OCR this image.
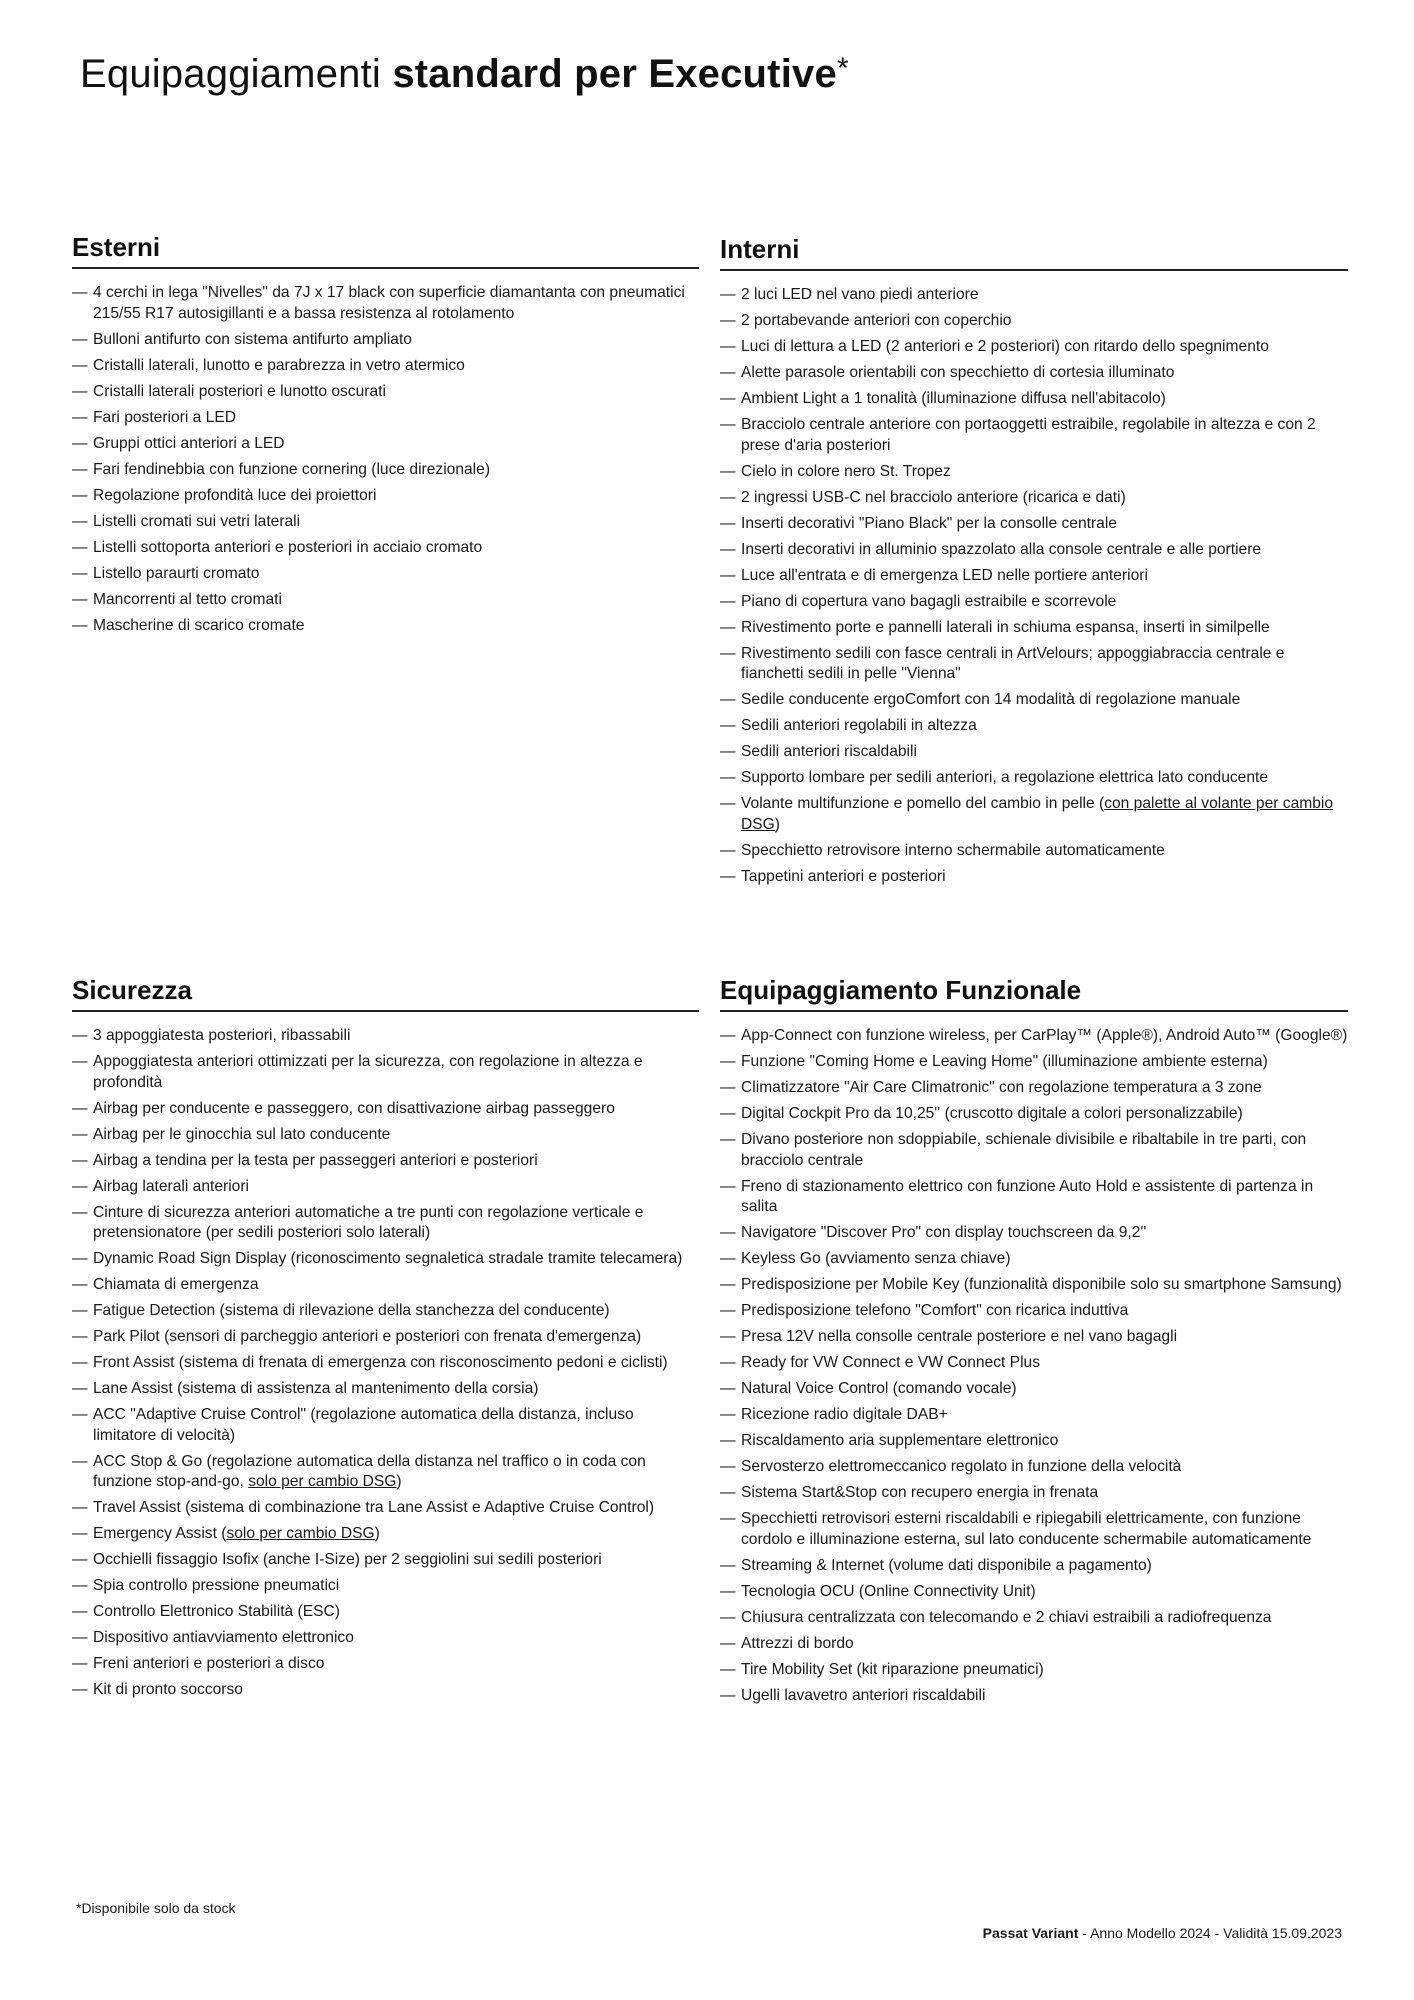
Equipaggiamenti standard per Executive*
Esterni
— 4 cerchi in lega "Nivelles" da 7J x 17 black con superficie diamantanta con pneumatici 215/55 R17 autosigillanti e a bassa resistenza al rotolamento
— Bulloni antifurto con sistema antifurto ampliato
— Cristalli laterali, lunotto e parabrezza in vetro atermico
— Cristalli laterali posteriori e lunotto oscurati
— Fari posteriori a LED
— Gruppi ottici anteriori a LED
— Fari fendinebbia con funzione cornering (luce direzionale)
— Regolazione profondità luce dei proiettori
— Listelli cromati sui vetri laterali
— Listelli sottoporta anteriori e posteriori in acciaio cromato
— Listello paraurti cromato
— Mancorrenti al tetto cromati
— Mascherine di scarico cromate
Interni
— 2 luci LED nel vano piedi anteriore
— 2 portabevande anteriori con coperchio
— Luci di lettura a LED (2 anteriori e 2 posteriori) con ritardo dello spegnimento
— Alette parasole orientabili con specchietto di cortesia illuminato
— Ambient Light a 1 tonalità (illuminazione diffusa nell'abitacolo)
— Bracciolo centrale anteriore con portaoggetti estraibile, regolabile in altezza e con 2 prese d'aria posteriori
— Cielo in colore nero St. Tropez
— 2 ingressi USB-C nel bracciolo anteriore (ricarica e dati)
— Inserti decorativi "Piano Black" per la consolle centrale
— Inserti decorativi in alluminio spazzolato alla console centrale e alle portiere
— Luce all'entrata e di emergenza LED nelle portiere anteriori
— Piano di copertura vano bagagli estraibile e scorrevole
— Rivestimento porte e pannelli laterali in schiuma espansa, inserti in similpelle
— Rivestimento sedili con fasce centrali in ArtVelours; appoggiabraccia centrale e fianchetti sedili in pelle "Vienna"
— Sedile conducente ergoComfort con 14 modalità di regolazione manuale
— Sedili anteriori regolabili in altezza
— Sedili anteriori riscaldabili
— Supporto lombare per sedili anteriori, a regolazione elettrica lato conducente
— Volante multifunzione e pomello del cambio in pelle (con palette al volante per cambio DSG)
— Specchietto retrovisore interno schermabile automaticamente
— Tappetini anteriori e posteriori
Sicurezza
— 3 appoggiatesta posteriori, ribassabili
— Appoggiatesta anteriori ottimizzati per la sicurezza, con regolazione in altezza e profondità
— Airbag per conducente e passeggero, con disattivazione airbag passeggero
— Airbag per le ginocchia sul lato conducente
— Airbag a tendina per la testa per passeggeri anteriori e posteriori
— Airbag laterali anteriori
— Cinture di sicurezza anteriori automatiche a tre punti con regolazione verticale e pretensionatore (per sedili posteriori solo laterali)
— Dynamic Road Sign Display (riconoscimento segnaletica stradale tramite telecamera)
— Chiamata di emergenza
— Fatigue Detection (sistema di rilevazione della stanchezza del conducente)
— Park Pilot (sensori di parcheggio anteriori e posteriori con frenata d'emergenza)
— Front Assist (sistema di frenata di emergenza con risconoscimento pedoni e ciclisti)
— Lane Assist (sistema di assistenza al mantenimento della corsia)
— ACC "Adaptive Cruise Control" (regolazione automatica della distanza, incluso limitatore di velocità)
— ACC Stop & Go (regolazione automatica della distanza nel traffico o in coda con funzione stop-and-go, solo per cambio DSG)
— Travel Assist (sistema di combinazione tra Lane Assist e Adaptive Cruise Control)
— Emergency Assist (solo per cambio DSG)
— Occhielli fissaggio Isofix (anche I-Size) per 2 seggiolini sui sedili posteriori
— Spia controllo pressione pneumatici
— Controllo Elettronico Stabilità (ESC)
— Dispositivo antiavviamento elettronico
— Freni anteriori e posteriori a disco
— Kit di pronto soccorso
Equipaggiamento Funzionale
— App-Connect con funzione wireless, per CarPlay™ (Apple®), Android Auto™ (Google®)
— Funzione "Coming Home e Leaving Home" (illuminazione ambiente esterna)
— Climatizzatore "Air Care Climatronic" con regolazione temperatura a 3 zone
— Digital Cockpit Pro da 10,25'' (cruscotto digitale a colori personalizzabile)
— Divano posteriore non sdoppiabile, schienale divisibile e ribaltabile in tre parti, con bracciolo centrale
— Freno di stazionamento elettrico con funzione Auto Hold e assistente di partenza in salita
— Navigatore "Discover Pro" con display touchscreen da 9,2''
— Keyless Go (avviamento senza chiave)
— Predisposizione per Mobile Key (funzionalità disponibile solo su smartphone Samsung)
— Predisposizione telefono "Comfort" con ricarica induttiva
— Presa 12V nella consolle centrale posteriore e nel vano bagagli
— Ready for VW Connect e VW Connect Plus
— Natural Voice Control (comando vocale)
— Ricezione radio digitale DAB+
— Riscaldamento aria supplementare elettronico
— Servosterzo elettromeccanico regolato in funzione della velocità
— Sistema Start&Stop con recupero energia in frenata
— Specchietti retrovisori esterni riscaldabili e ripiegabili elettricamente, con funzione cordolo e illuminazione esterna, sul lato conducente schermabile automaticamente
— Streaming & Internet (volume dati disponibile a pagamento)
— Tecnologia OCU (Online Connectivity Unit)
— Chiusura centralizzata con telecomando e 2 chiavi estraibili a radiofrequenza
— Attrezzi di bordo
— Tire Mobility Set (kit riparazione pneumatici)
— Ugelli lavavetro anteriori riscaldabili
*Disponibile solo da stock
Passat Variant - Anno Modello 2024 - Validità 15.09.2023
